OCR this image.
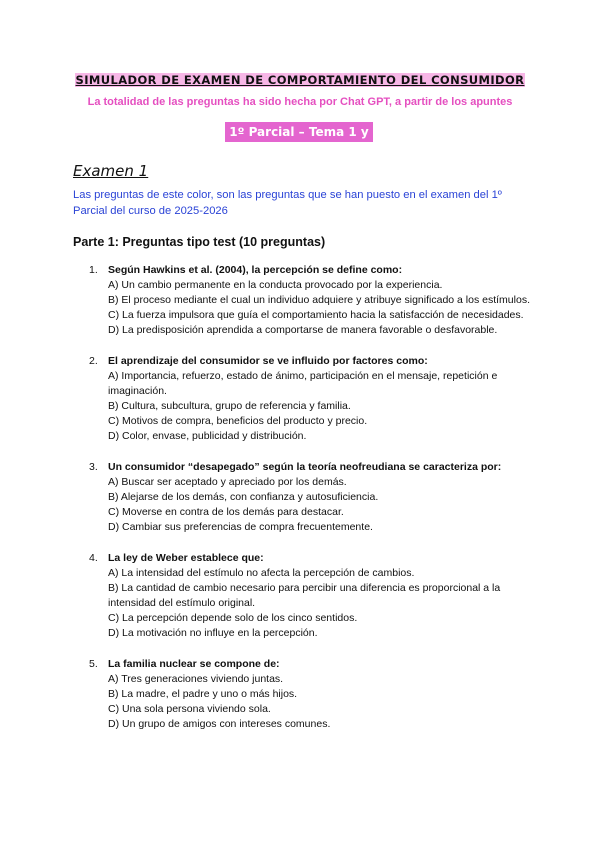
SIMULADOR DE EXAMEN DE COMPORTAMIENTO DEL CONSUMIDOR
La totalidad de las preguntas ha sido hecha por Chat GPT, a partir de los apuntes
1º Parcial – Tema 1 y 2
Examen 1
Las preguntas de este color, son las preguntas que se han puesto en el examen del 1º Parcial del curso de 2025-2026
Parte 1: Preguntas tipo test (10 preguntas)
1. Según Hawkins et al. (2004), la percepción se define como:
A) Un cambio permanente en la conducta provocado por la experiencia.
B) El proceso mediante el cual un individuo adquiere y atribuye significado a los estímulos.
C) La fuerza impulsora que guía el comportamiento hacia la satisfacción de necesidades.
D) La predisposición aprendida a comportarse de manera favorable o desfavorable.
2. El aprendizaje del consumidor se ve influido por factores como:
A) Importancia, refuerzo, estado de ánimo, participación en el mensaje, repetición e imaginación.
B) Cultura, subcultura, grupo de referencia y familia.
C) Motivos de compra, beneficios del producto y precio.
D) Color, envase, publicidad y distribución.
3. Un consumidor “desapegado” según la teoría neofreudiana se caracteriza por:
A) Buscar ser aceptado y apreciado por los demás.
B) Alejarse de los demás, con confianza y autosuficiencia.
C) Moverse en contra de los demás para destacar.
D) Cambiar sus preferencias de compra frecuentemente.
4. La ley de Weber establece que:
A) La intensidad del estímulo no afecta la percepción de cambios.
B) La cantidad de cambio necesario para percibir una diferencia es proporcional a la intensidad del estímulo original.
C) La percepción depende solo de los cinco sentidos.
D) La motivación no influye en la percepción.
5. La familia nuclear se compone de:
A) Tres generaciones viviendo juntas.
B) La madre, el padre y uno o más hijos.
C) Una sola persona viviendo sola.
D) Un grupo de amigos con intereses comunes.
